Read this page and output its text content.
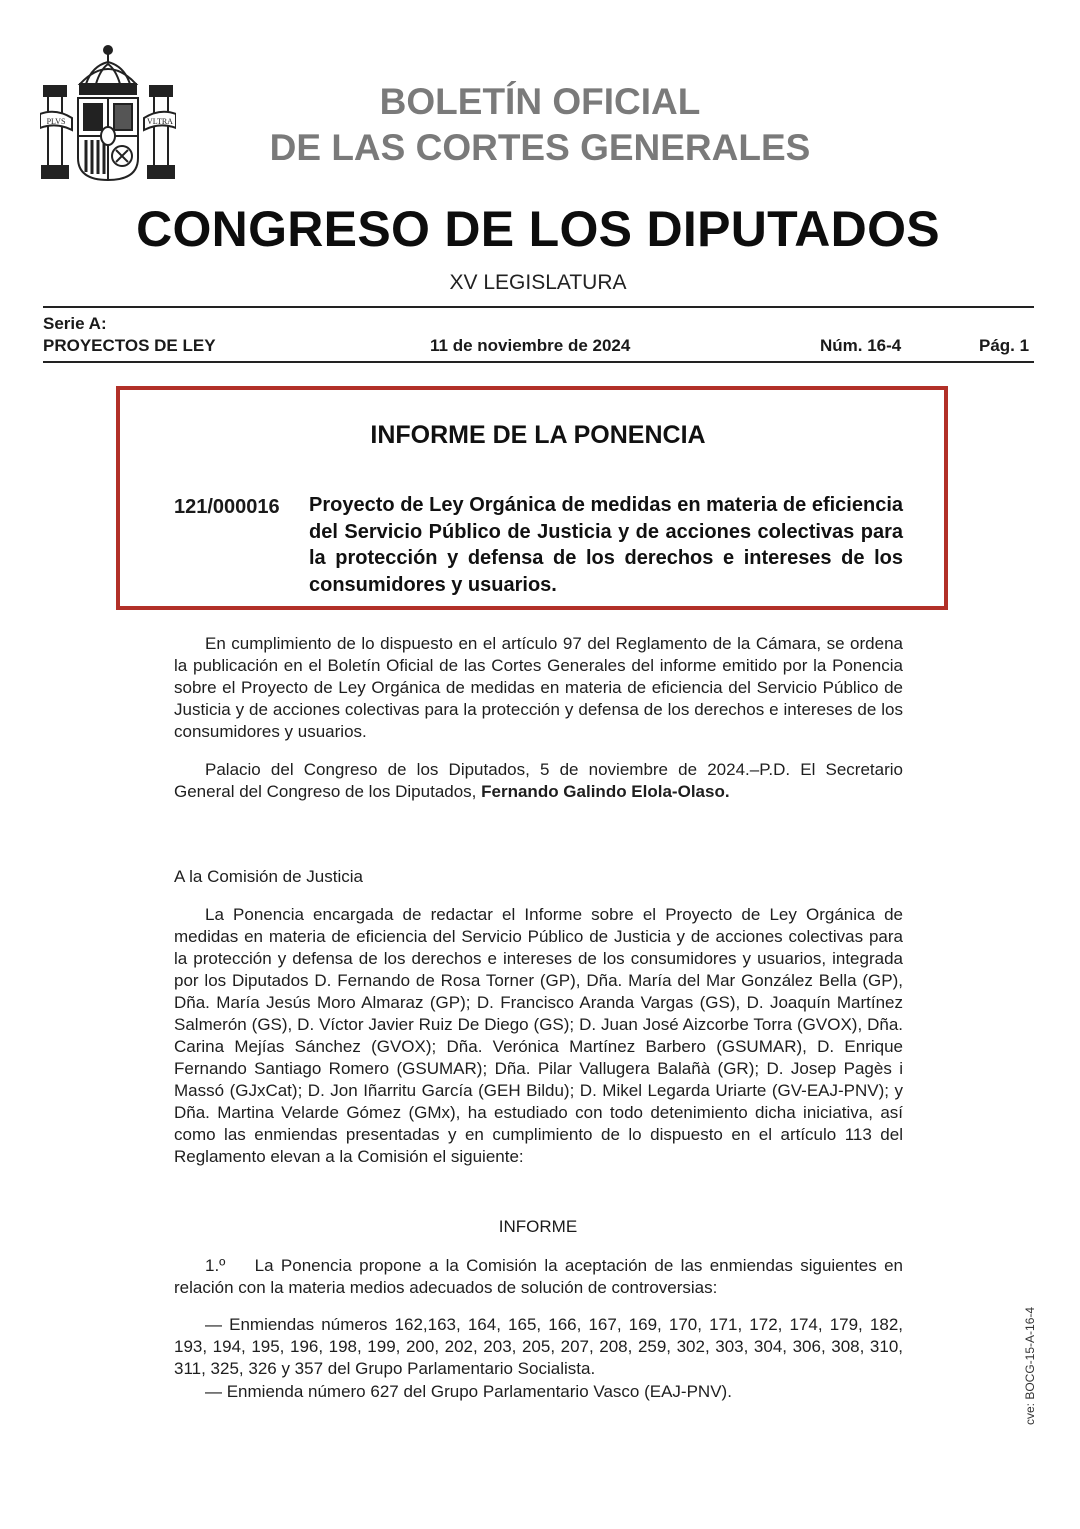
PLVS	VLTRA	BOLETÍN OFICIAL
DE LAS CORTES GENERALES
CONGRESO DE LOS DIPUTADOS
XV LEGISLATURA
Serie A:
PROYECTOS DE LEY	11 de noviembre de 2024	Núm. 16-4	Pág. 1
INFORME DE LA PONENCIA
121/000016 Proyecto de Ley Orgánica de medidas en materia de eficiencia del Servicio Público de Justicia y de acciones colectivas para la protección y defensa de los derechos e intereses de los consumidores y usuarios.
En cumplimiento de lo dispuesto en el artículo 97 del Reglamento de la Cámara, se ordena la publicación en el Boletín Oficial de las Cortes Generales del informe emitido por la Ponencia sobre el Proyecto de Ley Orgánica de medidas en materia de eficiencia del Servicio Público de Justicia y de acciones colectivas para la protección y defensa de los derechos e intereses de los consumidores y usuarios.
Palacio del Congreso de los Diputados, 5 de noviembre de 2024.–P.D. El Secretario General del Congreso de los Diputados, Fernando Galindo Elola-Olaso.
A la Comisión de Justicia
La Ponencia encargada de redactar el Informe sobre el Proyecto de Ley Orgánica de medidas en materia de eficiencia del Servicio Público de Justicia y de acciones colectivas para la protección y defensa de los derechos e intereses de los consumidores y usuarios, integrada por los Diputados D. Fernando de Rosa Torner (GP), Dña. María del Mar González Bella (GP), Dña. María Jesús Moro Almaraz (GP); D. Francisco Aranda Vargas (GS), D. Joaquín Martínez Salmerón (GS), D. Víctor Javier Ruiz De Diego (GS); D. Juan José Aizcorbe Torra (GVOX), Dña. Carina Mejías Sánchez (GVOX); Dña. Verónica Martínez Barbero (GSUMAR), D. Enrique Fernando Santiago Romero (GSUMAR); Dña. Pilar Vallugera Balañà (GR); D. Josep Pagès i Massó (GJxCat); D. Jon Iñarritu García (GEH Bildu); D. Mikel Legarda Uriarte (GV-EAJ-PNV); y Dña. Martina Velarde Gómez (GMx), ha estudiado con todo detenimiento dicha iniciativa, así como las enmiendas presentadas y en cumplimiento de lo dispuesto en el artículo 113 del Reglamento elevan a la Comisión el siguiente:
INFORME
1.º    La Ponencia propone a la Comisión la aceptación de las enmiendas siguientes en relación con la materia medios adecuados de solución de controversias:
— Enmiendas números 162,163, 164, 165, 166, 167, 169, 170, 171, 172, 174, 179, 182, 193, 194, 195, 196, 198, 199, 200, 202, 203, 205, 207, 208, 259, 302, 303, 304, 306, 308, 310, 311, 325, 326 y 357 del Grupo Parlamentario Socialista.
— Enmienda número 627 del Grupo Parlamentario Vasco (EAJ-PNV).	cve: BOCG-15-A-16-4
